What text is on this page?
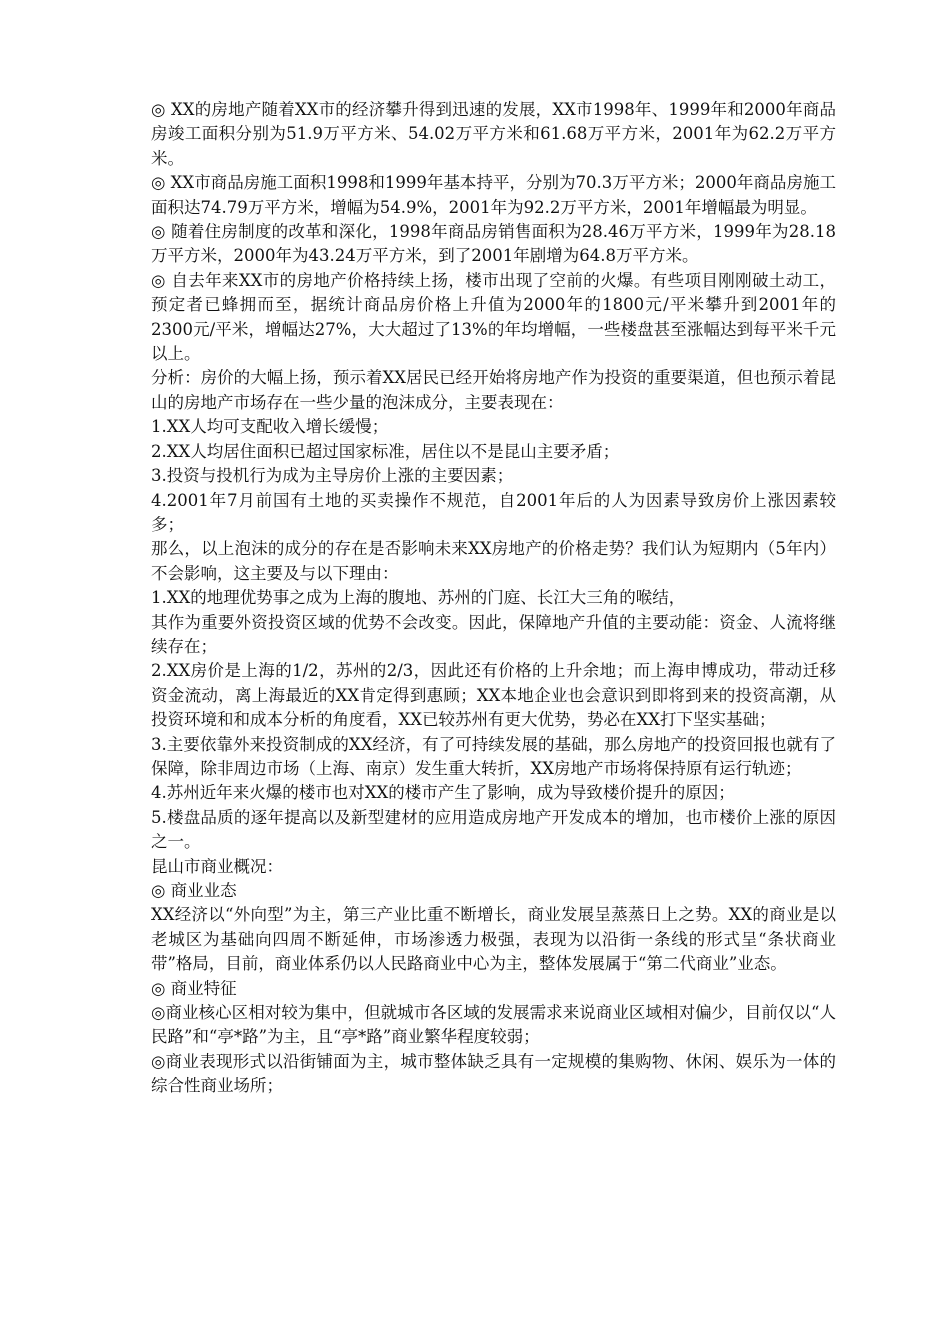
◎ XX的房地产随着XX市的经济攀升得到迅速的发展，XX市1998年、1999年和2000年商品房竣工面积分别为51.9万平方米、54.02万平方米和61.68万平方米，2001年为62.2万平方米。

◎ XX市商品房施工面积1998和1999年基本持平，分别为70.3万平方米；2000年商品房施工面积达74.79万平方米，增幅为54.9%，2001年为92.2万平方米，2001年增幅最为明显。

◎ 随着住房制度的改革和深化，1998年商品房销售面积为28.46万平方米，1999年为28.18万平方米，2000年为43.24万平方米，到了2001年剧增为64.8万平方米。

◎ 自去年来XX市的房地产价格持续上扬，楼市出现了空前的火爆。有些项目刚刚破土动工，预定者已蜂拥而至，据统计商品房价格上升值为2000年的1800元/平米攀升到2001年的2300元/平米，增幅达27%，大大超过了13%的年均增幅，一些楼盘甚至涨幅达到每平米千元以上。

分析：房价的大幅上扬，预示着XX居民已经开始将房地产作为投资的重要渠道，但也预示着昆山的房地产市场存在一些少量的泡沫成分，主要表现在：

1.XX人均可支配收入增长缓慢；

2.XX人均居住面积已超过国家标准，居住以不是昆山主要矛盾；

3.投资与投机行为成为主导房价上涨的主要因素；

4.2001年7月前国有土地的买卖操作不规范，自2001年后的人为因素导致房价上涨因素较多；

那么，以上泡沫的成分的存在是否影响未来XX房地产的价格走势？我们认为短期内（5年内）不会影响，这主要及与以下理由：

1.XX的地理优势事之成为上海的腹地、苏州的门庭、长江大三角的喉结，

其作为重要外资投资区域的优势不会改变。因此，保障地产升值的主要动能：资金、人流将继续存在；

2.XX房价是上海的1/2，苏州的2/3，因此还有价格的上升余地；而上海申博成功，带动迁移资金流动，离上海最近的XX肯定得到惠顾；XX本地企业也会意识到即将到来的投资高潮，从投资环境和和成本分析的角度看，XX已较苏州有更大优势，势必在XX打下坚实基础；

3.主要依靠外来投资制成的XX经济，有了可持续发展的基础，那么房地产的投资回报也就有了保障，除非周边市场（上海、南京）发生重大转折，XX房地产市场将保持原有运行轨迹；

4.苏州近年来火爆的楼市也对XX的楼市产生了影响，成为导致楼价提升的原因；

5.楼盘品质的逐年提高以及新型建材的应用造成房地产开发成本的增加，也市楼价上涨的原因之一。

昆山市商业概况：

◎ 商业业态

XX经济以“外向型”为主，第三产业比重不断增长，商业发展呈蒸蒸日上之势。XX的商业是以老城区为基础向四周不断延伸，市场渗透力极强，表现为以沿街一条线的形式呈“条状商业带”格局，目前，商业体系仍以人民路商业中心为主，整体发展属于“第二代商业”业态。

◎ 商业特征

◎商业核心区相对较为集中，但就城市各区域的发展需求来说商业区域相对偏少，目前仅以“人民路”和“亭*路”为主，且“亭*路”商业繁华程度较弱；

◎商业表现形式以沿街铺面为主，城市整体缺乏具有一定规模的集购物、休闲、娱乐为一体的综合性商业场所；
